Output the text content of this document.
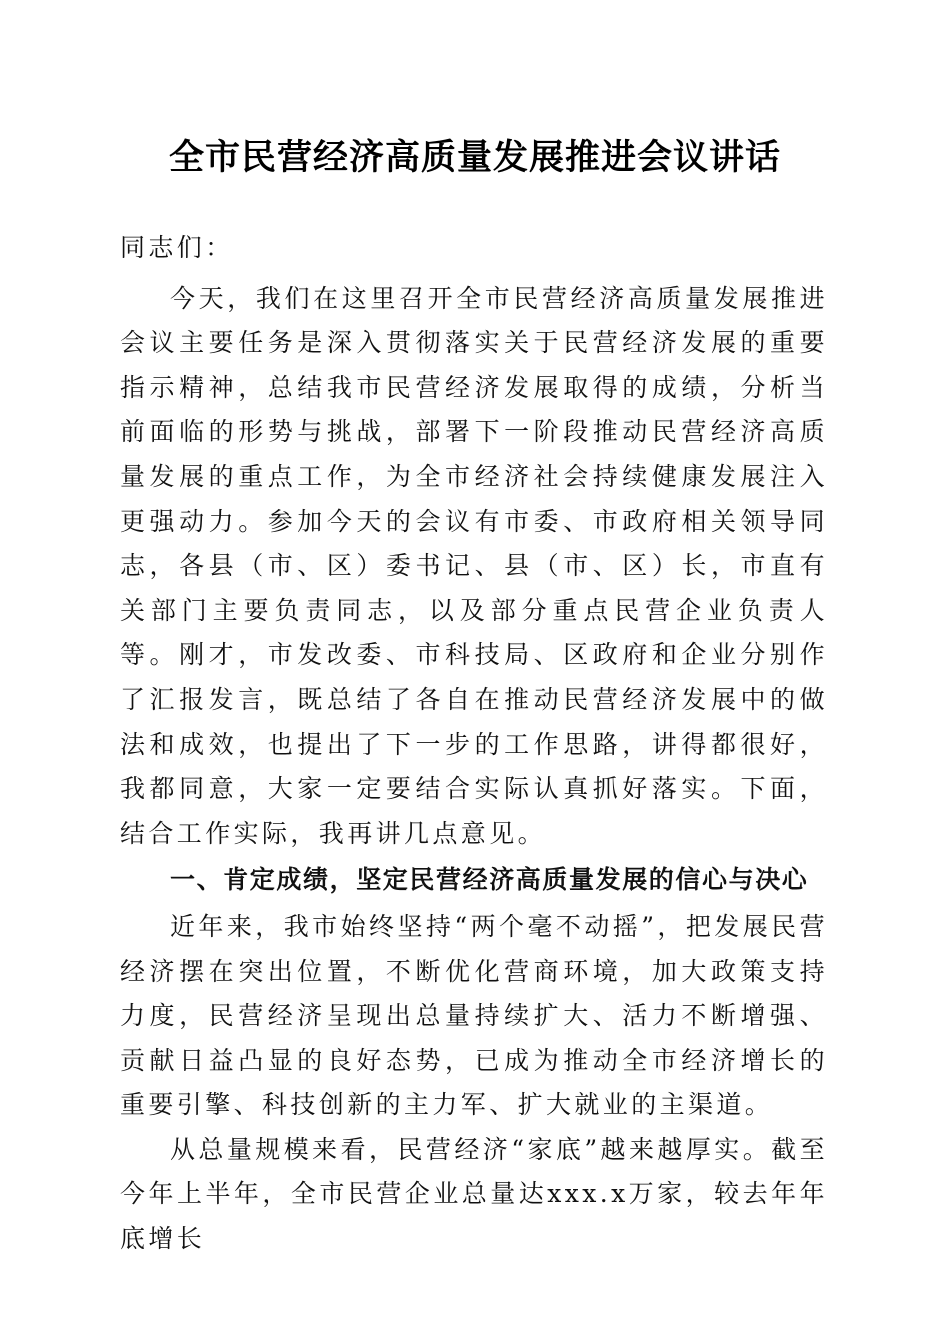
全市民营经济高质量发展推进会议讲话

同志们：

今天，我们在这里召开全市民营经济高质量发展推进会议主要任务是深入贯彻落实关于民营经济发展的重要指示精神，总结我市民营经济发展取得的成绩，分析当前面临的形势与挑战，部署下一阶段推动民营经济高质量发展的重点工作，为全市经济社会持续健康发展注入更强动力。参加今天的会议有市委、市政府相关领导同志，各县（市、区）委书记、县（市、区）长，市直有关部门主要负责同志，以及部分重点民营企业负责人等。刚才，市发改委、市科技局、区政府和企业分别作了汇报发言，既总结了各自在推动民营经济发展中的做法和成效，也提出了下一步的工作思路，讲得都很好，我都同意，大家一定要结合实际认真抓好落实。下面，结合工作实际，我再讲几点意见。

一、肯定成绩，坚定民营经济高质量发展的信心与决心

近年来，我市始终坚持“两个毫不动摇”，把发展民营经济摆在突出位置，不断优化营商环境，加大政策支持力度，民营经济呈现出总量持续扩大、活力不断增强、贡献日益凸显的良好态势，已成为推动全市经济增长的重要引擎、科技创新的主力军、扩大就业的主渠道。

从总量规模来看，民营经济“家底”越来越厚实。截至今年上半年，全市民营企业总量达xxx.x万家，较去年年底增长
